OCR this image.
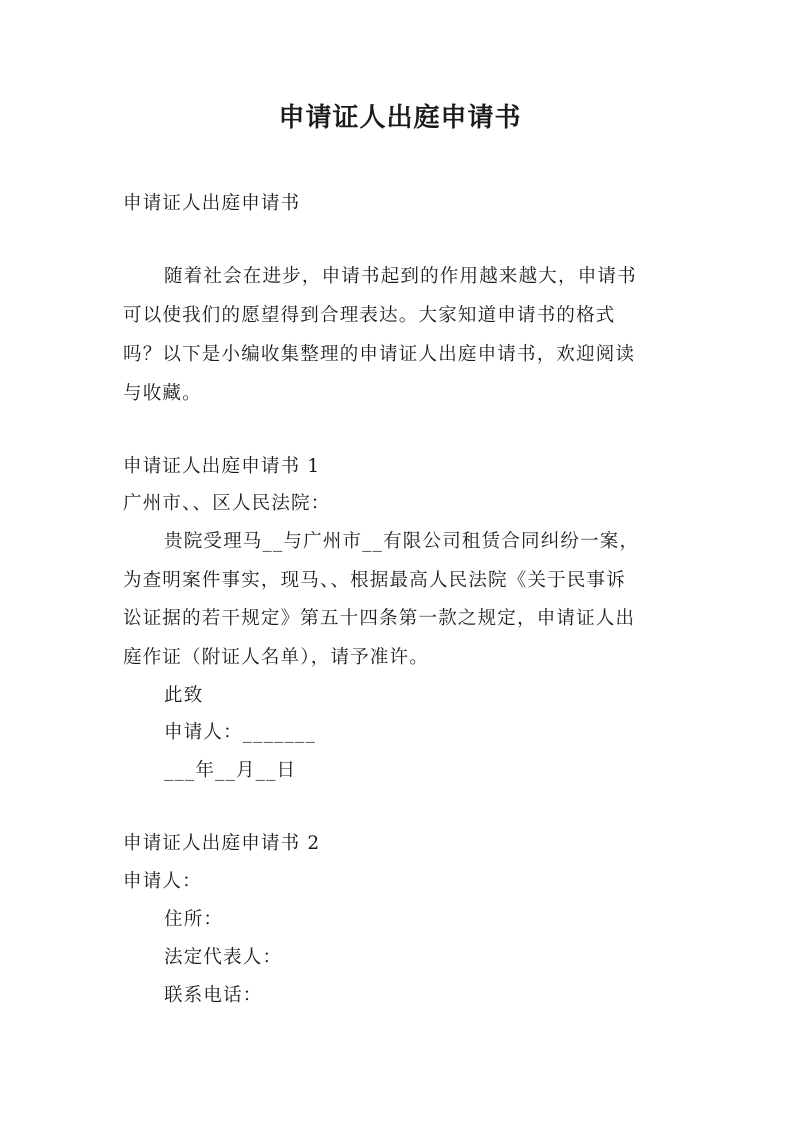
申请证人出庭申请书
申请证人出庭申请书
随着社会在进步，申请书起到的作用越来越大，申请书
可以使我们的愿望得到合理表达。大家知道申请书的格式
吗？以下是小编收集整理的申请证人出庭申请书，欢迎阅读
与收藏。
申请证人出庭申请书 1
广州市、、区人民法院：
贵院受理马__与广州市__有限公司租赁合同纠纷一案，
为查明案件事实，现马、、根据最高人民法院《关于民事诉
讼证据的若干规定》第五十四条第一款之规定，申请证人出
庭作证（附证人名单），请予准许。
此致
申请人：_______
___年__月__日
申请证人出庭申请书 2
申请人：
住所：
法定代表人：
联系电话：
